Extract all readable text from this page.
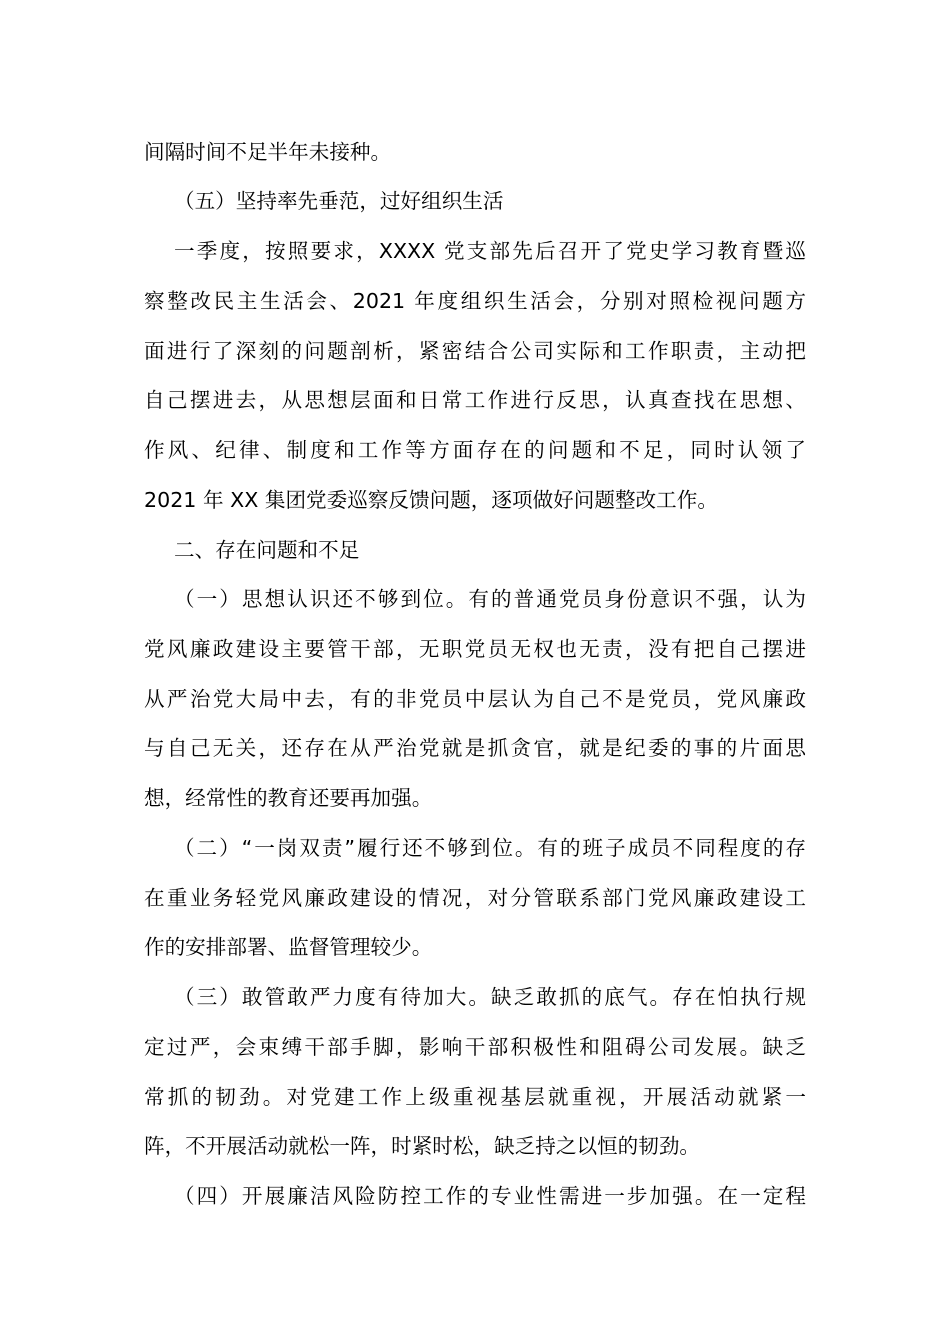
间隔时间不足半年未接种。
（五）坚持率先垂范，过好组织生活
一季度，按照要求，XXXX 党支部先后召开了党史学习教育暨巡
察整改民主生活会、2021 年度组织生活会，分别对照检视问题方
面进行了深刻的问题剖析，紧密结合公司实际和工作职责，主动把
自己摆进去，从思想层面和日常工作进行反思，认真查找在思想、
作风、纪律、制度和工作等方面存在的问题和不足，同时认领了
2021 年 XX 集团党委巡察反馈问题，逐项做好问题整改工作。
二、存在问题和不足
（一）思想认识还不够到位。有的普通党员身份意识不强，认为
党风廉政建设主要管干部，无职党员无权也无责，没有把自己摆进
从严治党大局中去，有的非党员中层认为自己不是党员，党风廉政
与自己无关，还存在从严治党就是抓贪官，就是纪委的事的片面思
想，经常性的教育还要再加强。
（二）“一岗双责”履行还不够到位。有的班子成员不同程度的存
在重业务轻党风廉政建设的情况，对分管联系部门党风廉政建设工
作的安排部署、监督管理较少。
（三）敢管敢严力度有待加大。缺乏敢抓的底气。存在怕执行规
定过严，会束缚干部手脚，影响干部积极性和阻碍公司发展。缺乏
常抓的韧劲。对党建工作上级重视基层就重视，开展活动就紧一
阵，不开展活动就松一阵，时紧时松，缺乏持之以恒的韧劲。
（四）开展廉洁风险防控工作的专业性需进一步加强。在一定程
